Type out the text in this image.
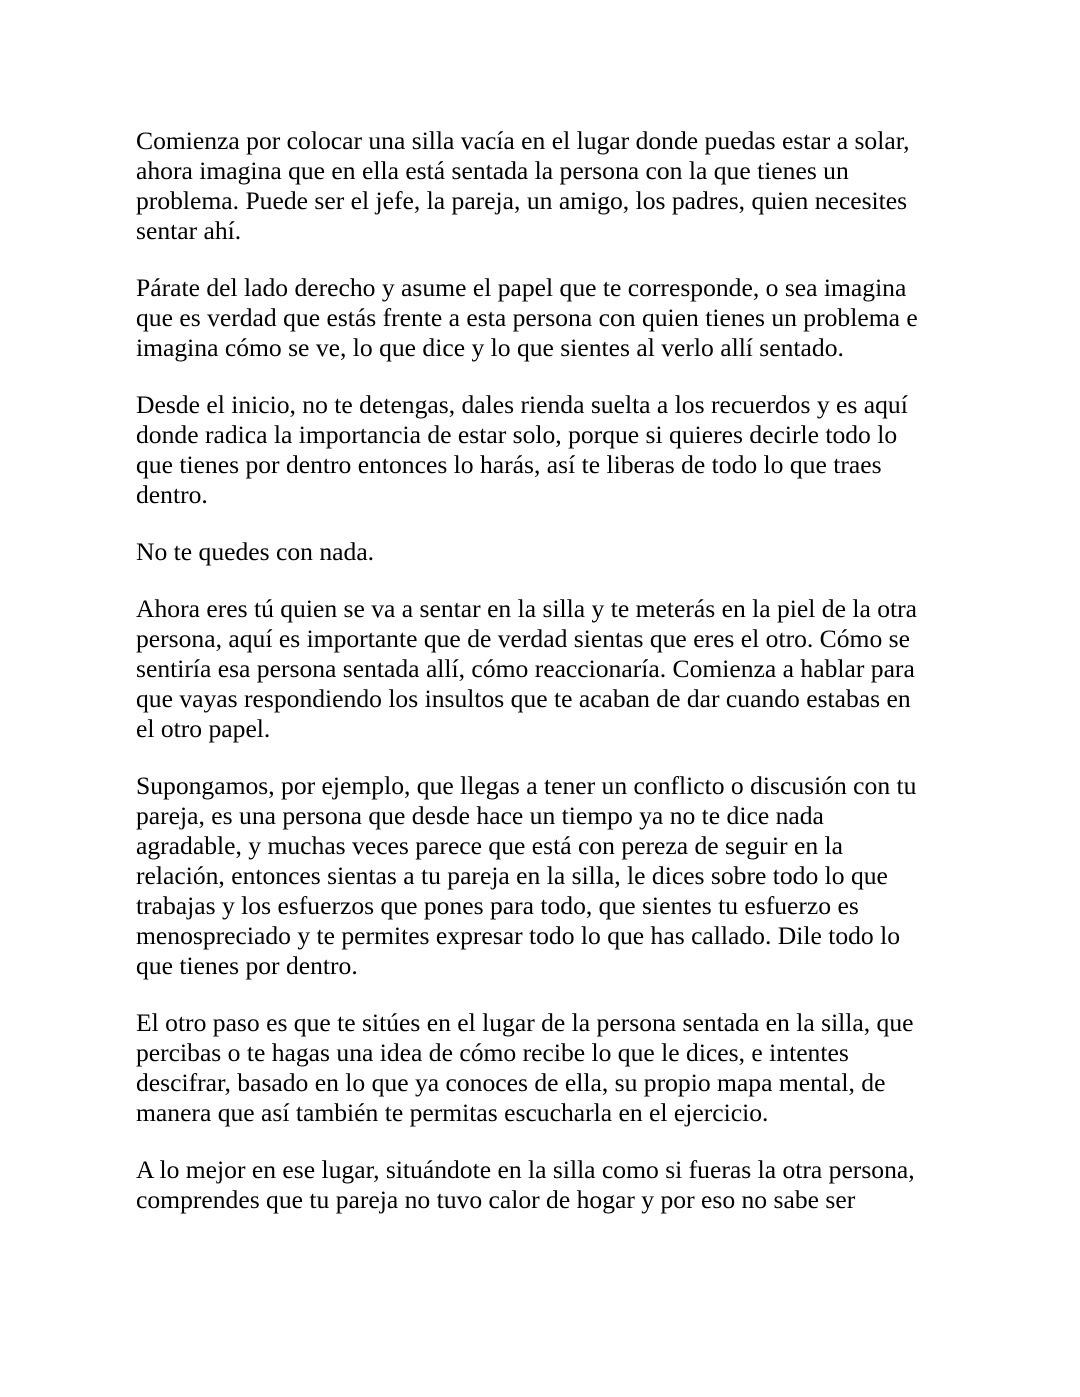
Comienza por colocar una silla vacía en el lugar donde puedas estar a solar,
ahora imagina que en ella está sentada la persona con la que tienes un
problema. Puede ser el jefe, la pareja, un amigo, los padres, quien necesites
sentar ahí.

Párate del lado derecho y asume el papel que te corresponde, o sea imagina
que es verdad que estás frente a esta persona con quien tienes un problema e
imagina cómo se ve, lo que dice y lo que sientes al verlo allí sentado.

Desde el inicio, no te detengas, dales rienda suelta a los recuerdos y es aquí
donde radica la importancia de estar solo, porque si quieres decirle todo lo
que tienes por dentro entonces lo harás, así te liberas de todo lo que traes
dentro.

No te quedes con nada.

Ahora eres tú quien se va a sentar en la silla y te meterás en la piel de la otra
persona, aquí es importante que de verdad sientas que eres el otro. Cómo se
sentiría esa persona sentada allí, cómo reaccionaría. Comienza a hablar para
que vayas respondiendo los insultos que te acaban de dar cuando estabas en
el otro papel.

Supongamos, por ejemplo, que llegas a tener un conflicto o discusión con tu
pareja, es una persona que desde hace un tiempo ya no te dice nada
agradable, y muchas veces parece que está con pereza de seguir en la
relación, entonces sientas a tu pareja en la silla, le dices sobre todo lo que
trabajas y los esfuerzos que pones para todo, que sientes tu esfuerzo es
menospreciado y te permites expresar todo lo que has callado. Dile todo lo
que tienes por dentro.

El otro paso es que te sitúes en el lugar de la persona sentada en la silla, que
percibas o te hagas una idea de cómo recibe lo que le dices, e intentes
descifrar, basado en lo que ya conoces de ella, su propio mapa mental, de
manera que así también te permitas escucharla en el ejercicio.

A lo mejor en ese lugar, situándote en la silla como si fueras la otra persona,
comprendes que tu pareja no tuvo calor de hogar y por eso no sabe ser
